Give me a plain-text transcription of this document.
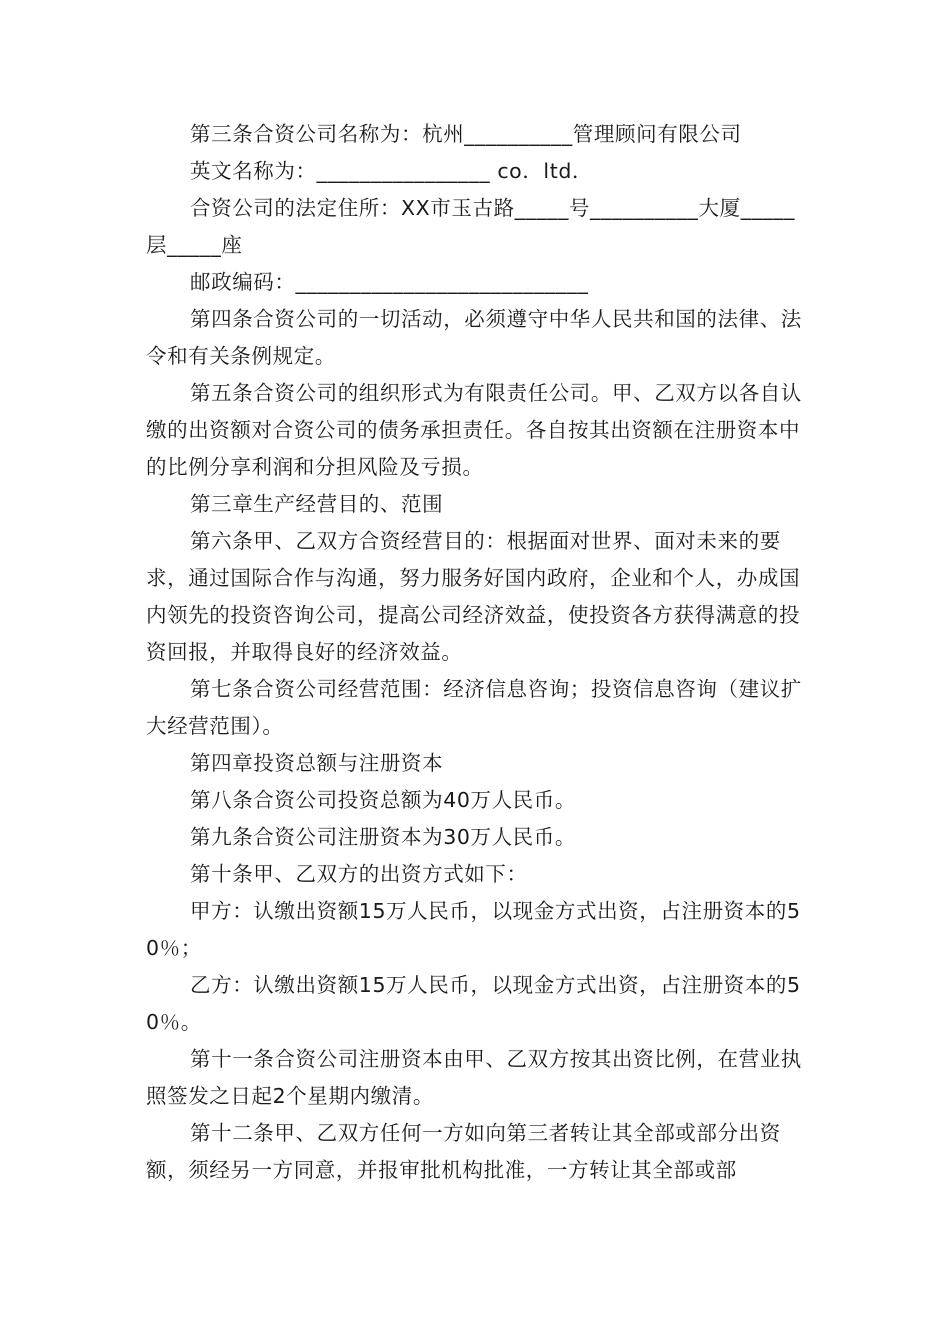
第三条合资公司名称为：杭州__________管理顾问有限公司

英文名称为：________________ co．ltd．

合资公司的法定住所：XX市玉古路_____号__________大厦_____层_____座

邮政编码：___________________________

第四条合资公司的一切活动，必须遵守中华人民共和国的法律、法令和有关条例规定。

第五条合资公司的组织形式为有限责任公司。甲、乙双方以各自认缴的出资额对合资公司的债务承担责任。各自按其出资额在注册资本中的比例分享利润和分担风险及亏损。

第三章生产经营目的、范围

第六条甲、乙双方合资经营目的：根据面对世界、面对未来的要求，通过国际合作与沟通，努力服务好国内政府，企业和个人，办成国内领先的投资咨询公司，提高公司经济效益，使投资各方获得满意的投资回报，并取得良好的经济效益。

第七条合资公司经营范围：经济信息咨询；投资信息咨询（建议扩大经营范围）。

第四章投资总额与注册资本

第八条合资公司投资总额为40万人民币。

第九条合资公司注册资本为30万人民币。

第十条甲、乙双方的出资方式如下：

甲方：认缴出资额15万人民币，以现金方式出资，占注册资本的50％；

乙方：认缴出资额15万人民币，以现金方式出资，占注册资本的50％。

第十一条合资公司注册资本由甲、乙双方按其出资比例，在营业执照签发之日起2个星期内缴清。

第十二条甲、乙双方任何一方如向第三者转让其全部或部分出资额，须经另一方同意，并报审批机构批准，一方转让其全部或部
